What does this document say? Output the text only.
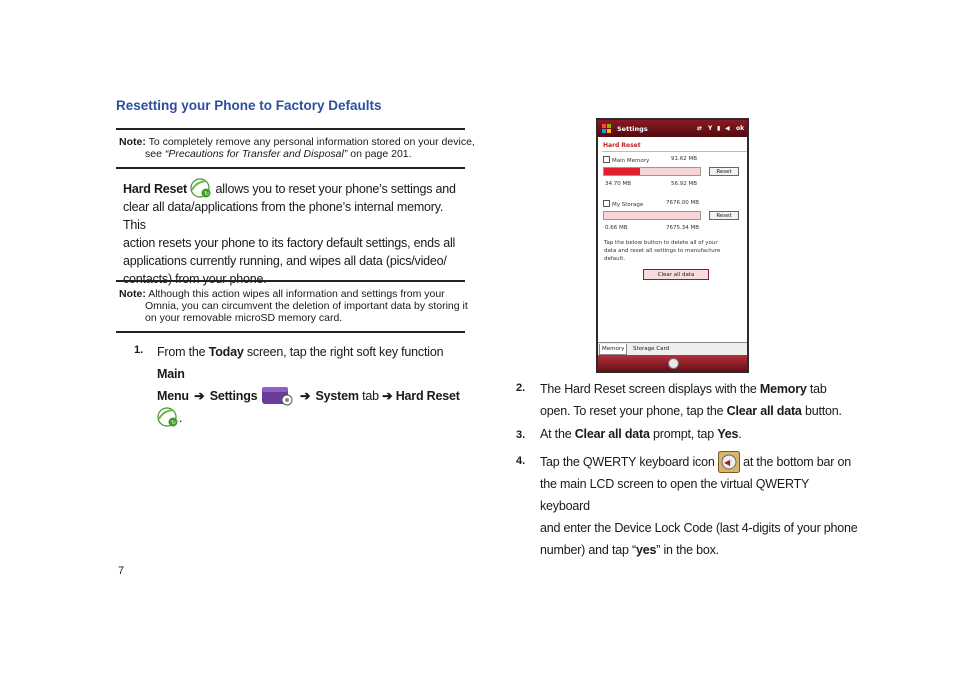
Resetting your Phone to Factory Defaults
Note: To completely remove any personal information stored on your device,
see “Precautions for Transfer and Disposal” on page 201.
Hard Reset	↻ allows you to reset your phone’s settings and
clear all data/applications from the phone’s internal memory. This
action resets your phone to its factory default settings, ends all
applications currently running, and wipes all data (pics/video/
contacts) from your phone.
Note: Although this action wipes all information and settings from your
Omnia, you can circumvent the deletion of important data by storing it
on your removable microSD memory card.
1. From the Today screen, tap the right soft key function Main
Menu ➔ Settings	➔ System tab ➔ Hard Reset

↻ .
Settings	⇄ Y ▮ ◀ ok
Hard Reset
Main Memory	91.62 MB
Reset
34.70 MB	56.92 MB
My Storage	7676.00 MB
Reset
0.66 MB	7675.34 MB
Tap the below button to delete all of your
data and reset all settings to manufacture
default.
Clear all data
Memory	Storage Card
2. The Hard Reset screen displays with the Memory tab
open. To reset your phone, tap the Clear all data button.
3. At the Clear all data prompt, tap Yes.
4. Tap the QWERTY keyboard icon ◀ at the bottom bar on
the main LCD screen to open the virtual QWERTY keyboard
and enter the Device Lock Code (last 4-digits of your phone
number) and tap “yes” in the box.
7
